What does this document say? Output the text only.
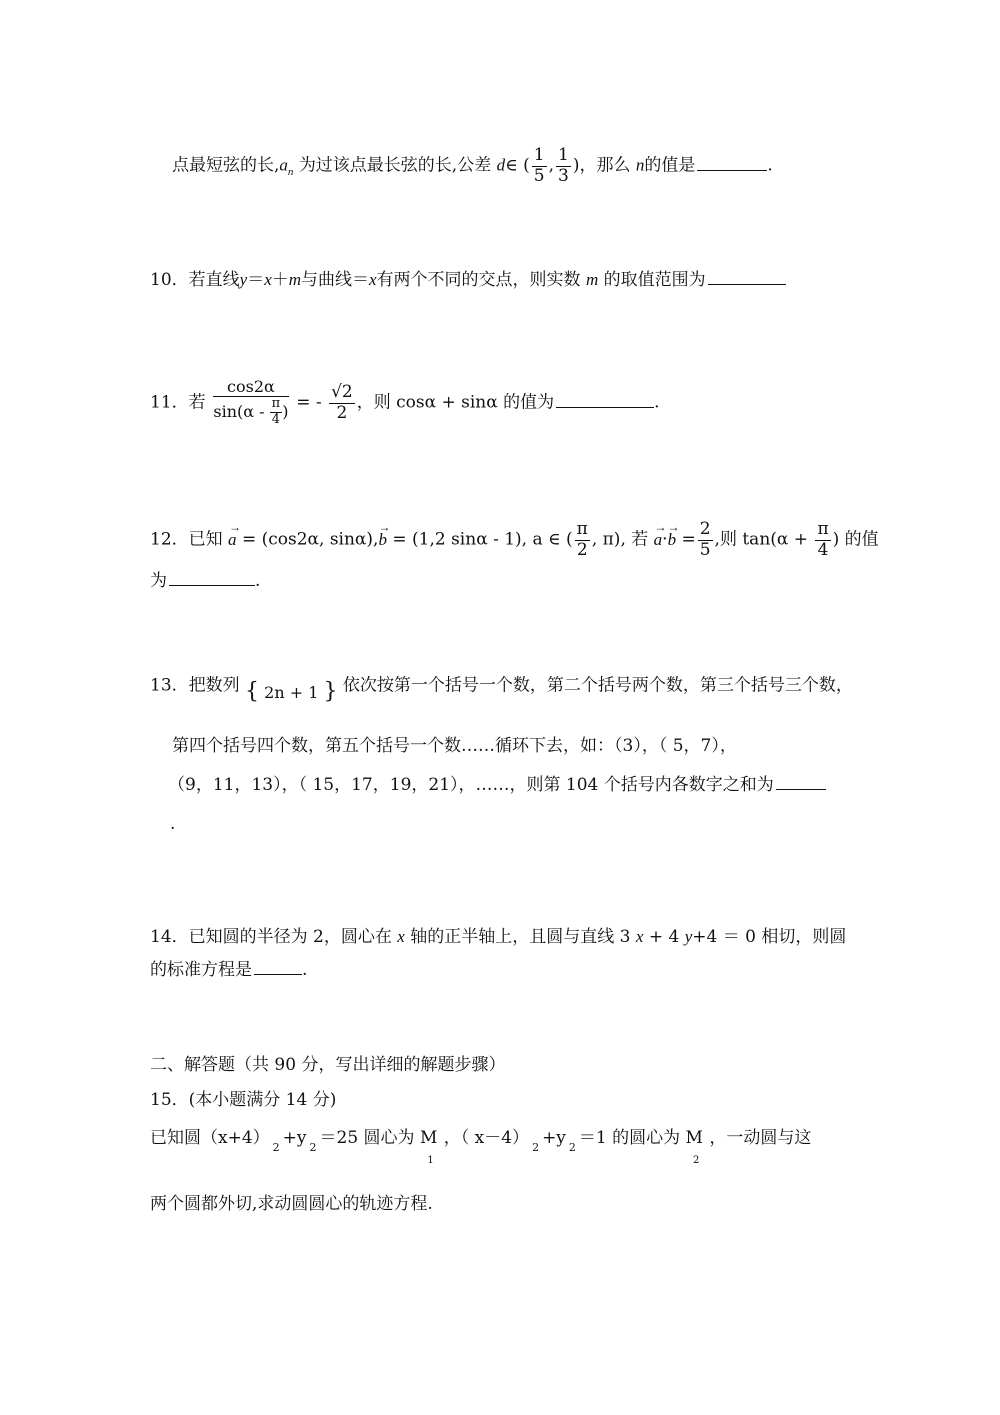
点最短弦的长$,a_n$ 为过该点最长弦的长,公差 d∈ ( $\frac{1}{5}$ , $\frac{1}{3}$ )，那么 n的值是	.
10．若直线y＝x＋m与曲线＝x有两个不同的交点，则实数 m 的取值范围为
11．若 $\frac{\cos 2\alpha}{\sin(\alpha - \frac{\pi}{4} )}$ = - $\frac{√2}{2}$ ，则 cosα + sinα 的值为	.
12．已知
→
a = (cos2α, sinα),
→
b = (1,2 sinα - 1), a ∈ ( $\frac{\pi}{2}$ , π), 若
→
a·
→
$b = \frac{2}{5}$ ,则 $\tan(\alpha + \frac{\pi}{4}$ ) 的值
为	.
13．把数列 { 2n + 1 } 依次按第一个括号一个数，第二个括号两个数，第三个括号三个数，
第四个括号四个数，第五个括号一个数……循环下去，如：（3），（ 5，7），
（9，11，13），（ 15，17，19，21），……，则第 104 个括号内各数字之和为
.
14．已知圆的半径为 2，圆心在 x 轴的正半轴上，且圆与直线 3 x + 4 y+4 ＝ 0 相切，则圆
的标准方程是	.
二、解答题（共 90 分，写出详细的解题步骤）
15．(本小题满分 14 分)
已知圆（x+4） $_2$ +y $_2$ ＝25 圆心为 $M_1$，（ x－4） $_2$ +y $_2$ ＝1 的圆心为 $M_2$，一动圆与这
两个圆都外切,求动圆圆心的轨迹方程.
